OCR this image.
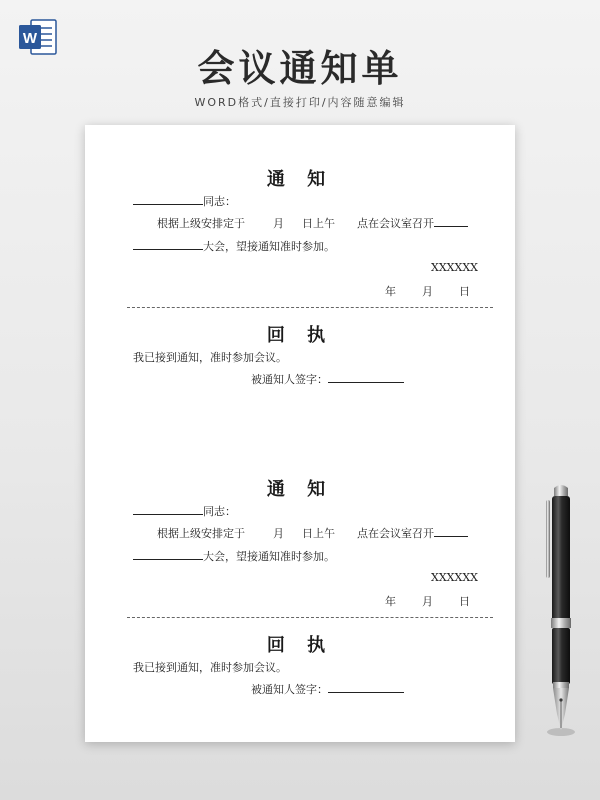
W
会议通知单
WORD格式/直接打印/内容随意编辑
通 知
同志：
根据上级安排定于	月 日上午 点在会议室召开
大会，望接通知准时参加。
XXXXXX
年 月 日
回 执
我已接到通知，准时参加会议。
被通知人签字：
通 知
同志：
根据上级安排定于	月 日上午 点在会议室召开
大会，望接通知准时参加。
XXXXXX
年 月 日
回 执
我已接到通知，准时参加会议。
被通知人签字：
